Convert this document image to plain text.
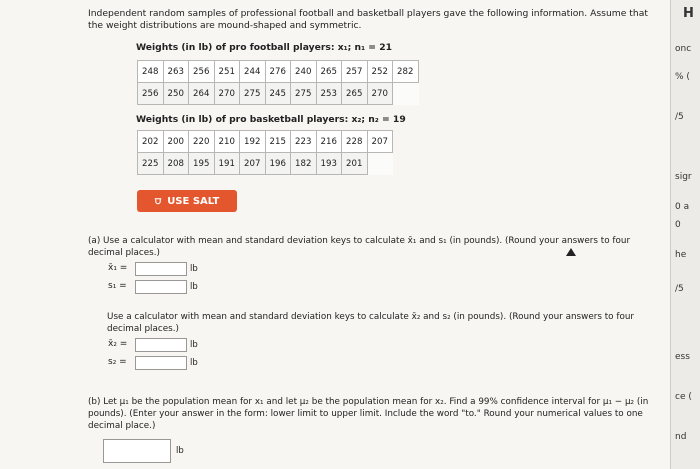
Independent random samples of professional football and basketball players gave the following information. Assume that the weight distributions are mound-shaped and symmetric.
Weights (in lb) of pro football players: x₁; n₁ = 21
248	263	256	251	244	276	240	265	257	252	282
256	250	264	270	275	245	275	253	265	270	
Weights (in lb) of pro basketball players: x₂; n₂ = 19
202	200	220	210	192	215	223	216	228	207
225	208	195	191	207	196	182	193	201	
⩌ USE SALT
(a) Use a calculator with mean and standard deviation keys to calculate x̄₁ and s₁ (in pounds). (Round your answers to four decimal places.)
x̄₁ =	lb
s₁ =	lb
Use a calculator with mean and standard deviation keys to calculate x̄₂ and s₂ (in pounds). (Round your answers to four decimal places.)
x̄₂ =	lb
s₂ =	lb
(b) Let μ₁ be the population mean for x₁ and let μ₂ be the population mean for x₂. Find a 99% confidence interval for μ₁ − μ₂ (in pounds). (Enter your answer in the form: lower limit to upper limit. Include the word "to." Round your numerical values to one decimal place.)
lb
H
onc
% (
/5
sigr
0 a
0
he
/5
ess
ce (
nd
